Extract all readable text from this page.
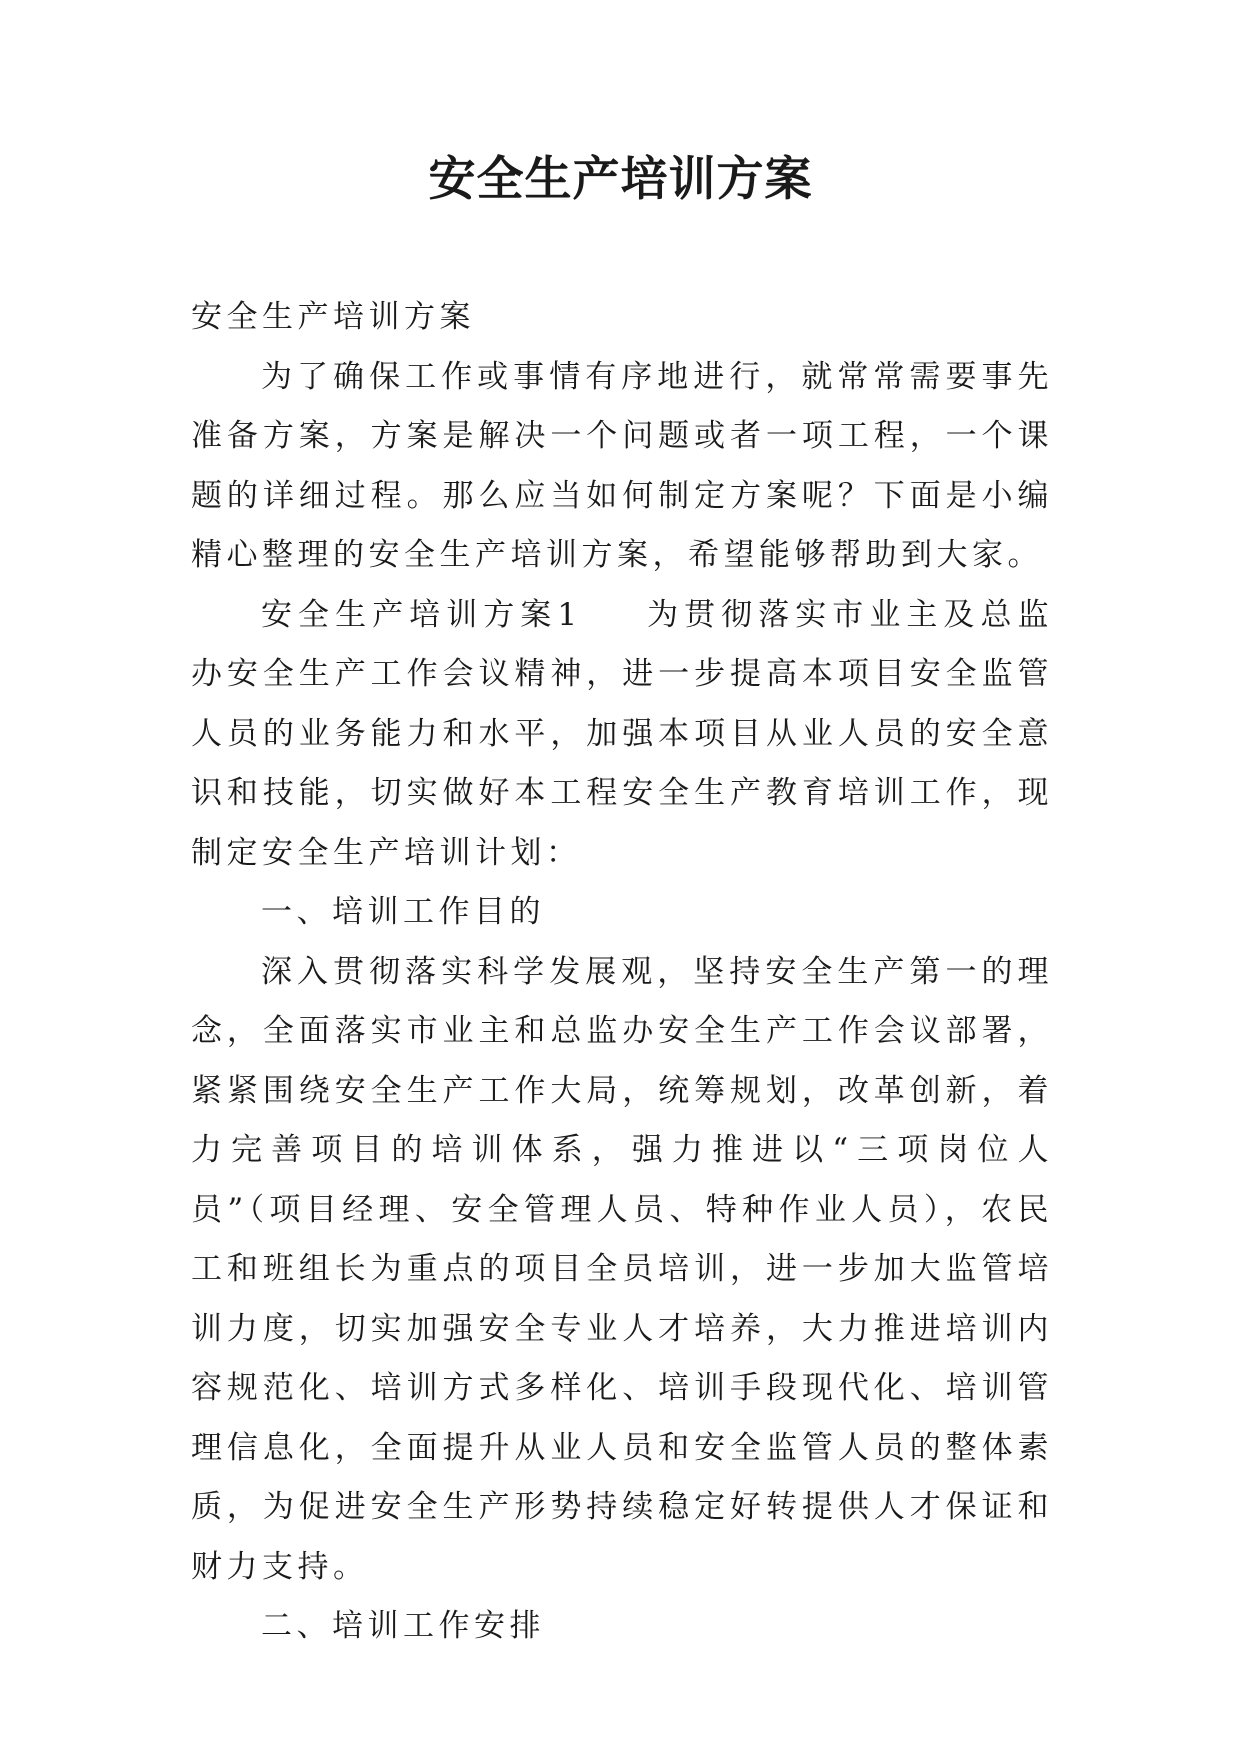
安全生产培训方案

安全生产培训方案

为了确保工作或事情有序地进行，就常常需要事先准备方案，方案是解决一个问题或者一项工程，一个课题的详细过程。那么应当如何制定方案呢？下面是小编精心整理的安全生产培训方案，希望能够帮助到大家。

安全生产培训方案1 为贯彻落实市业主及总监办安全生产工作会议精神，进一步提高本项目安全监管人员的业务能力和水平，加强本项目从业人员的安全意识和技能，切实做好本工程安全生产教育培训工作，现制定安全生产培训计划：

一、培训工作目的

深入贯彻落实科学发展观，坚持安全生产第一的理念，全面落实市业主和总监办安全生产工作会议部署，紧紧围绕安全生产工作大局，统筹规划，改革创新，着力完善项目的培训体系，强力推进以“三项岗位人员”（项目经理、安全管理人员、特种作业人员），农民工和班组长为重点的项目全员培训，进一步加大监管培训力度，切实加强安全专业人才培养，大力推进培训内容规范化、培训方式多样化、培训手段现代化、培训管理信息化，全面提升从业人员和安全监管人员的整体素质，为促进安全生产形势持续稳定好转提供人才保证和财力支持。

二、培训工作安排
